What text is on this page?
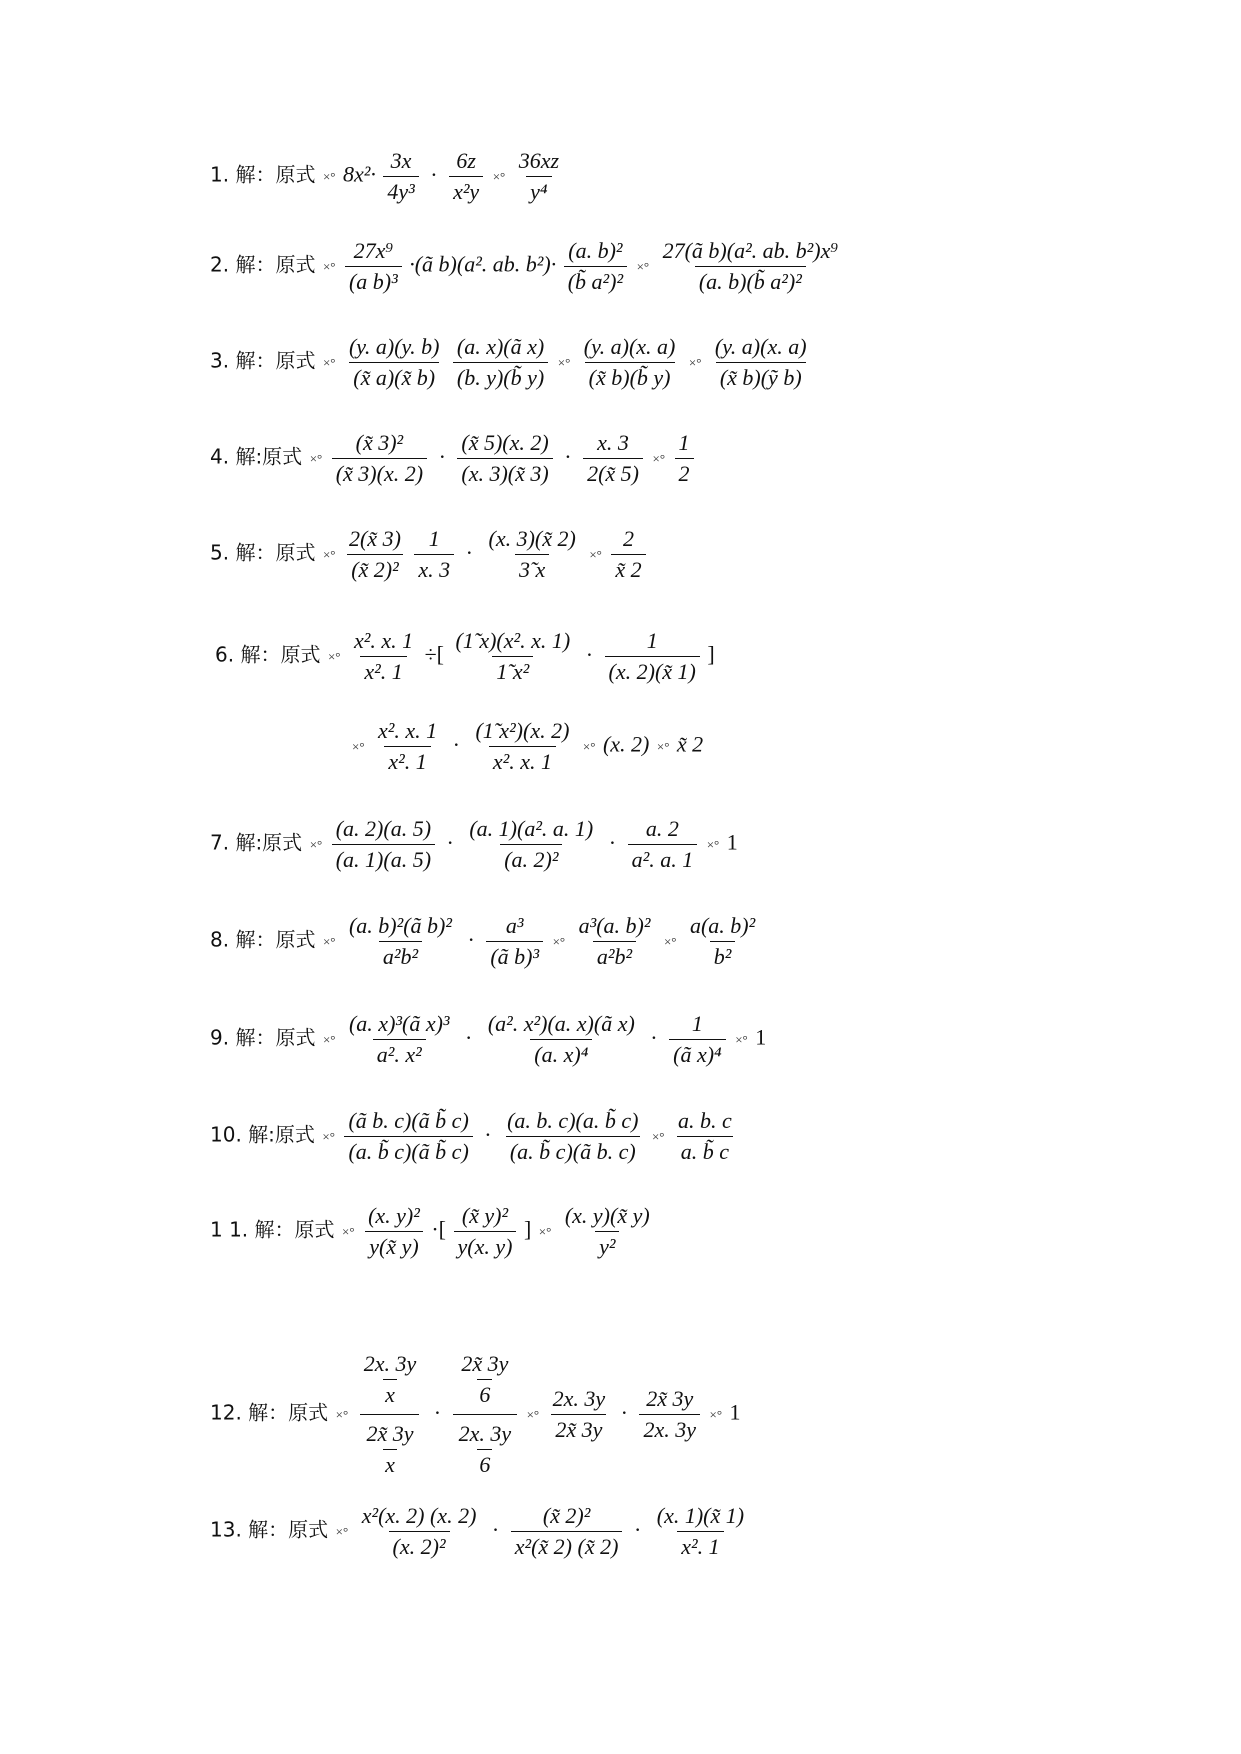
1. 解：原式 ×° $8x^2\cdot \frac{3x}{\text{4y³}} \cdot \frac{6z}{\text{x²y}}$ ×° $\frac{36xz}{\text{y⁴}}$
2. 解：原式 ×° $\frac{\text{27x⁹}}{\text{(a b)³}}$ ·(ã b)(a². ab. $b^2)\cdot \frac{\text{(a. b)²}}{\text{(b̃ a²)²}}$ ×° $\frac{\text{27(ã b)(a². ab. b²)x⁹}}{\text{(a. b)(b̃ a²)²}}$
3. 解：原式 ×° $\frac{(y. a)(y. b)}{(x̃ a)(x̃ b)}$
$\frac{\text{(a. x)(ã x)}}{(b. y)(b̃ y)}$ ×° $\frac{(y. a)(x. a)}{(x̃ b)(b̃ y)}$ ×° $\frac{(y. a)(x. a)}{\text{(x̃ b)(ỹ b)}}$
4. 解:原式 ×° $\frac{\text{(x̃ 3)²}}{(x̃ 3)(x. 2)} \cdot \frac{(x̃ 5)(x. 2)}{(x. 3)(x̃ 3)} \cdot \frac{x. 3}{2(x̃ 5)}$ ×° $\frac{1}{2}$
5. 解：原式 ×° $\frac{2(x̃ 3)}{\text{(x̃ 2)²}}$
$\frac{1}{x. 3} \cdot \frac{(x. 3)(x̃ 2)}{3̃ x}$ ×° $\frac{2}{x̃ 2}$
6. 解：原式 ×° $\frac{\text{x². x. 1}}{\text{x². 1}}$ ÷[ $\frac{\text{(1̃ x)(x². x. 1)}}{\text{1̃ x²}} \cdot \frac{1}{(x. 2)(x̃ 1)}$ ]
×° $\frac{\text{x². x. 1}}{\text{x². 1}} \cdot \frac{\text{(1̃ x²)(x. 2)}}{\text{x². x. 1}}$ ×° (x. 2) ×° x̃ 2
7. 解:原式 ×° $\frac{(a. 2)(a. 5)}{(a. 1)(a. 5)} \cdot \frac{\text{(a. 1)(a². a. 1)}}{\text{(a. 2)²}} \cdot \frac{a. 2}{\text{a². a. 1}}$ ×° 1
8. 解：原式 ×° $\frac{\text{(a. b)²(ã b)²}}{\text{a²b²}} \cdot \frac{\text{a³}}{\text{(ã b)³}}$ ×° $\frac{\text{a³(a. b)²}}{\text{a²b²}}$ ×° $\frac{\text{a(a. b)²}}{\text{b²}}$
9. 解：原式 ×° $\frac{\text{(a. x)³(ã x)³}}{\text{a². x²}} \cdot \frac{\text{(a². x²)(a. x)(ã x)}}{\text{(a. x)⁴}} \cdot \frac{1}{\text{(ã x)⁴}}$ ×° 1
10. 解:原式 ×° $\frac{\text{(ã b. c)(ã b̃ c)}}{\text{(a. b̃ c)(ã b̃ c)}} \cdot \frac{(a. b. c)(a. b̃ c)}{\text{(a. b̃ c)(ã b. c)}}$ ×° $\frac{a. b. c}{a. b̃ c}$
1 1. 解：原式 ×° $\frac{\text{(x. y)²}}{y(x̃ y)}$ ·[ $\frac{\text{(x̃ y)²}}{y(x. y)}$ ] ×° $\frac{(x. y)(x̃ y)}{\text{y²}}$
12. 解：原式 ×° $\frac{\frac{2x. 3y}{x}}{\frac{2x̃ 3y}{x}} \cdot \frac{\frac{2x̃ 3y}{6}}{\frac{2x. 3y}{6}}$ ×° $\frac{2x. 3y}{2x̃ 3y} \cdot \frac{2x̃ 3y}{2x. 3y}$ ×° 1
13. 解：原式 ×° $\frac{\text{x²(x. 2) (x. 2)}}{\text{(x. 2)²}} \cdot \frac{\text{(x̃ 2)²}}{\text{x²(x̃ 2) (x̃ 2)}} \cdot \frac{(x. 1)(x̃ 1)}{\text{x². 1}}$
